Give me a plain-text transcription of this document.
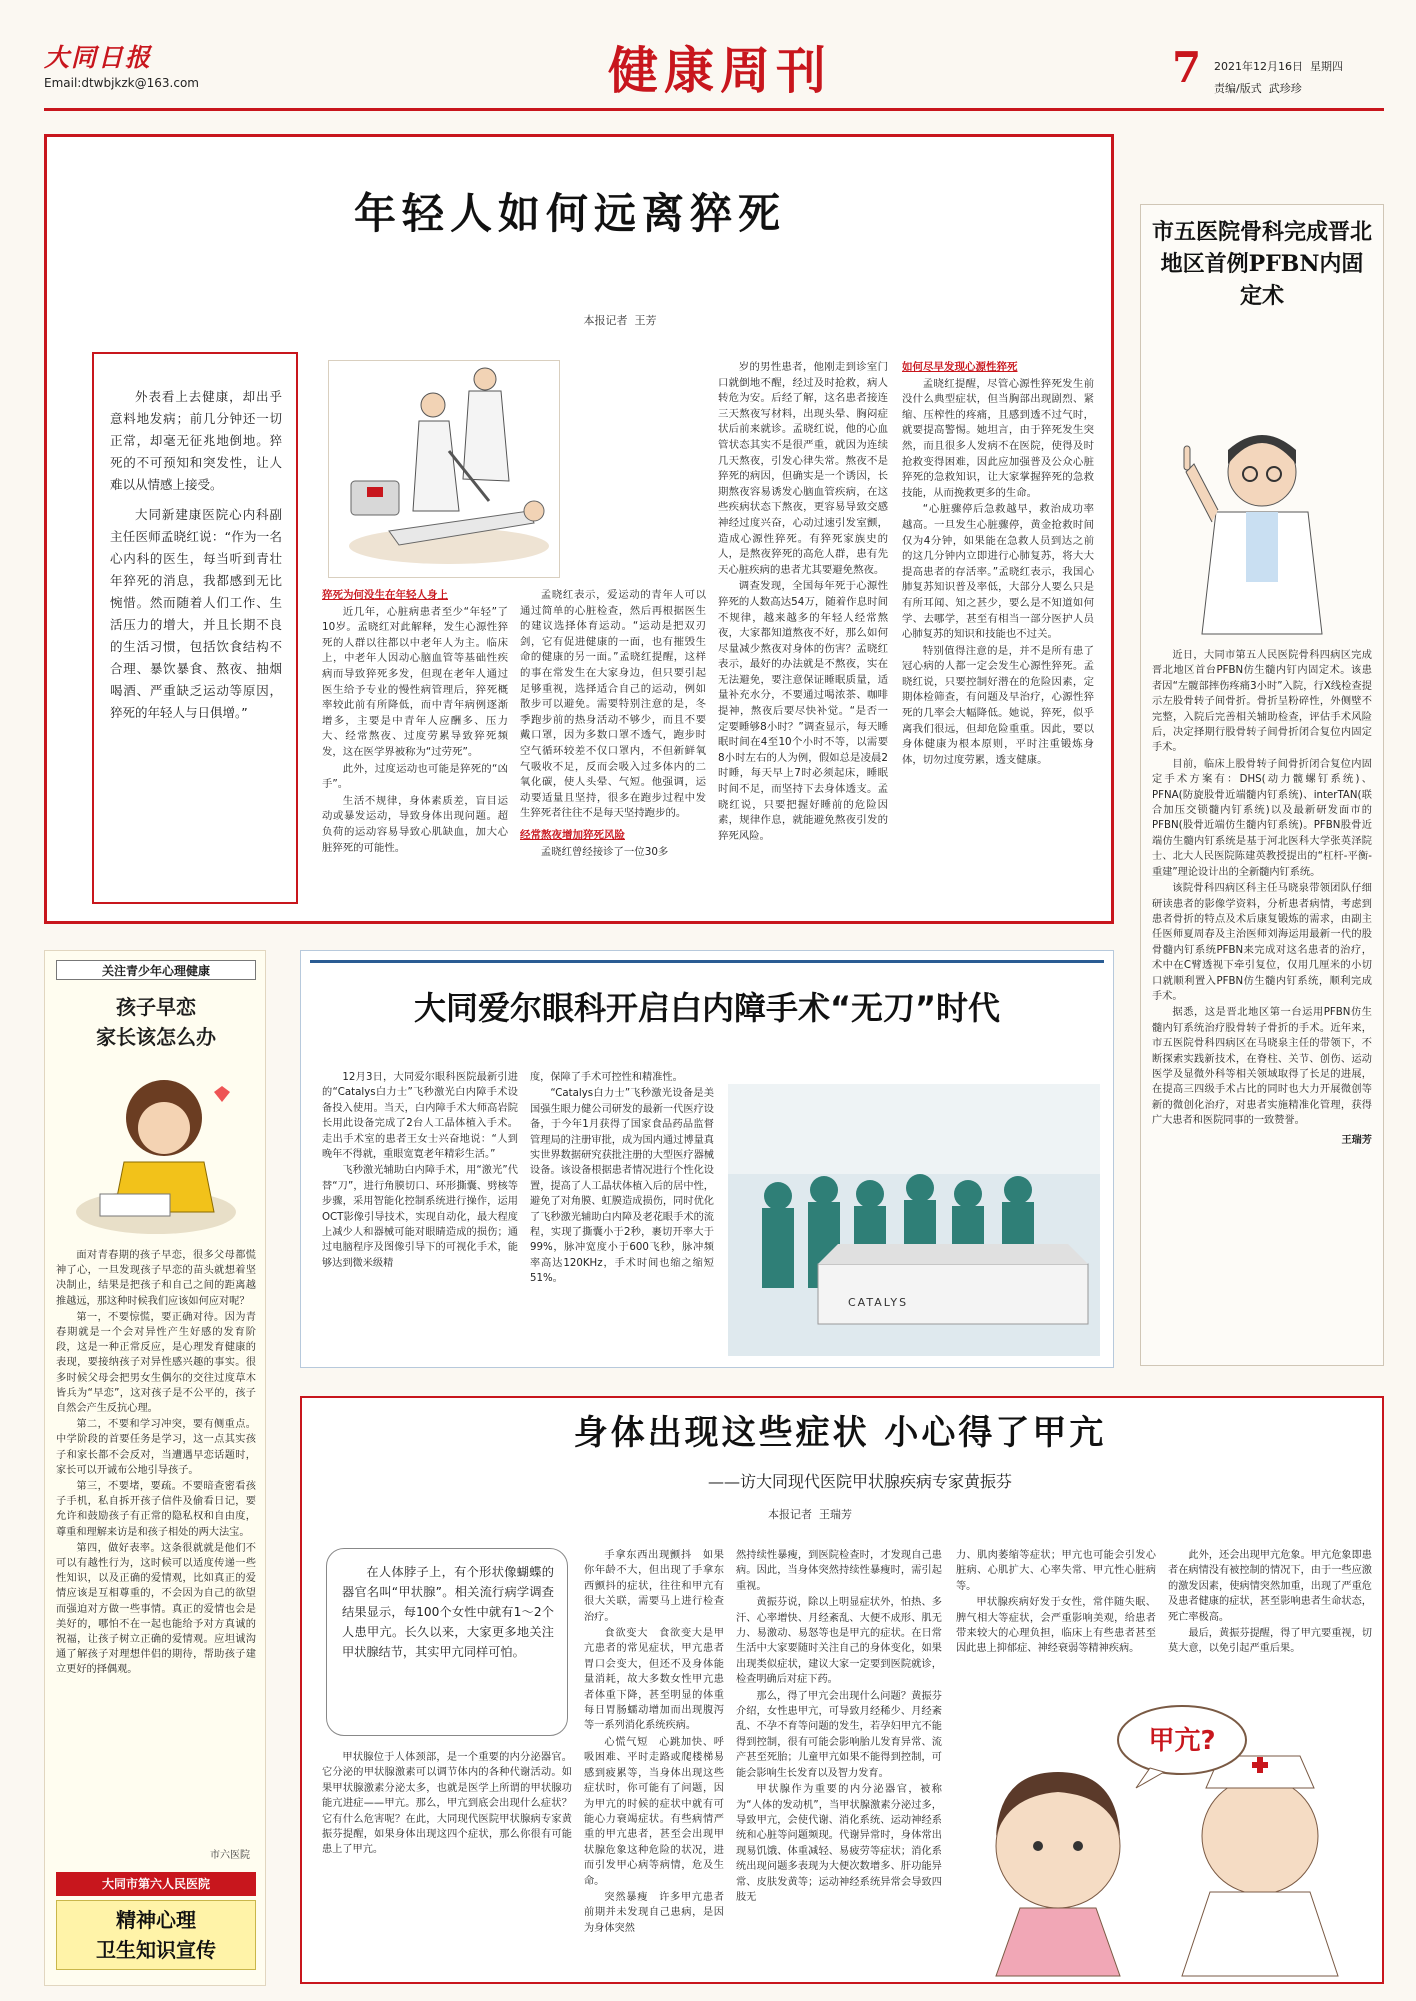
大同日报
Email:dtwbjkzk@163.com	健康周刊	7	2021年12月16日 星期四
责编/版式 武珍珍
年轻人如何远离猝死
本报记者 王芳

外表看上去健康，却出乎意料地发病；前几分钟还一切正常，却毫无征兆地倒地。猝死的不可预知和突发性，让人难以从情感上接受。

大同新建康医院心内科副主任医师孟晓红说：“作为一名心内科的医生，每当听到青壮年猝死的消息，我都感到无比惋惜。然而随着人们工作、生活压力的增大，并且长期不良的生活习惯，包括饮食结构不合理、暴饮暴食、熬夜、抽烟喝酒、严重缺乏运动等原因，猝死的年轻人与日俱增。”

猝死为何没生在年轻人身上

近几年，心脏病患者至少“年轻”了10岁。孟晓红对此解释，发生心源性猝死的人群以往都以中老年人为主。临床上，中老年人因动心脑血管等基础性疾病而导致猝死多发，但现在老年人通过医生给予专业的慢性病管理后，猝死概率较此前有所降低，而中青年病例逐渐增多，主要是中青年人应酬多、压力大、经常熬夜、过度劳累导致猝死频发，这在医学界被称为“过劳死”。

此外，过度运动也可能是猝死的“凶手”。

生活不规律，身体素质差，盲目运动或暴发运动，导致身体出现问题。超负荷的运动容易导致心肌缺血，加大心脏猝死的可能性。

孟晓红表示，爱运动的青年人可以通过简单的心脏检查，然后再根据医生的建议选择体育运动。“运动是把双刃剑，它有促进健康的一面，也有摧毁生命的健康的另一面。”孟晓红提醒，这样的事在常发生在大家身边，但只要引起足够重视，选择适合自己的运动，例如散步可以避免。需要特别注意的是，冬季跑步前的热身活动不够少，而且不要戴口罩，因为多数口罩不透气，跑步时空气循环较差不仅口罩内，不但新鲜氧气吸收不足，反而会吸入过多体内的二氧化碳，使人头晕、气短。他强调，运动要适量且坚持，很多在跑步过程中发生猝死者往往不是每天坚持跑步的。

经常熬夜增加猝死风险

孟晓红曾经接诊了一位30多

岁的男性患者，他刚走到诊室门口就倒地不醒，经过及时抢救，病人转危为安。后经了解，这名患者接连三天熬夜写材料，出现头晕、胸闷症状后前来就诊。孟晓红说，他的心血管状态其实不是很严重，就因为连续几天熬夜，引发心律失常。熬夜不是猝死的病因，但确实是一个诱因，长期熬夜容易诱发心脑血管疾病，在这些疾病状态下熬夜，更容易导致交感神经过度兴奋，心动过速引发室颤，造成心源性猝死。有猝死家族史的人，是熬夜猝死的高危人群，患有先天心脏疾病的患者尤其要避免熬夜。

调查发现，全国每年死于心源性猝死的人数高达54万，随着作息时间不规律，越来越多的年轻人经常熬夜，大家都知道熬夜不好，那么如何尽量减少熬夜对身体的伤害？孟晓红表示，最好的办法就是不熬夜，实在无法避免，要注意保证睡眠质量，适量补充水分，不要通过喝浓茶、咖啡提神，熬夜后要尽快补觉。“是否一定要睡够8小时？”调查显示，每天睡眠时间在4至10个小时不等，以需要8小时左右的人为例，假如总是凌晨2时睡，每天早上7时必须起床，睡眠时间不足，而坚持下去身体透支。孟晓红说，只要把握好睡前的危险因素，规律作息，就能避免熬夜引发的猝死风险。

如何尽早发现心源性猝死

孟晓红提醒，尽管心源性猝死发生前没什么典型症状，但当胸部出现剧烈、紧缩、压榨性的疼痛，且感到透不过气时，就要提高警惕。她坦言，由于猝死发生突然，而且很多人发病不在医院，使得及时抢救变得困难，因此应加强普及公众心脏猝死的急救知识，让大家掌握猝死的急救技能，从而挽救更多的生命。

“心脏骤停后急救越早，救治成功率越高。一旦发生心脏骤停，黄金抢救时间仅为4分钟，如果能在急救人员到达之前的这几分钟内立即进行心肺复苏，将大大提高患者的存活率。”孟晓红表示，我国心肺复苏知识普及率低，大部分人要么只是有所耳闻、知之甚少，要么是不知道如何学、去哪学，甚至有相当一部分医护人员心肺复苏的知识和技能也不过关。

特别值得注意的是，并不是所有患了冠心病的人都一定会发生心源性猝死。孟晓红说，只要控制好潜在的危险因素，定期体检筛查，有问题及早治疗，心源性猝死的几率会大幅降低。她说，猝死，似乎离我们很远，但却危险重重。因此，要以身体健康为根本原则，平时注重锻炼身体，切勿过度劳累，透支健康。

市五医院骨科完成晋北地区首例PFBN内固定术

近日，大同市第五人民医院骨科四病区完成晋北地区首台PFBN仿生髓内钉内固定术。该患者因“左髋部摔伤疼痛3小时”入院，行X线检查提示左股骨转子间骨折。骨折呈粉碎性，外侧壁不完整，入院后完善相关辅助检查，评估手术风险后，决定择期行股骨转子间骨折闭合复位内固定手术。

目前，临床上股骨转子间骨折闭合复位内固定手术方案有：DHS(动力髋螺钉系统)、PFNA(防旋股骨近端髓内钉系统)、interTAN(联合加压交锁髓内钉系统)以及最新研发面市的PFBN(股骨近端仿生髓内钉系统)。PFBN股骨近端仿生髓内钉系统是基于河北医科大学张英泽院士、北大人民医院陈建英教授提出的“杠杆-平衡-重建”理论设计出的全新髓内钉系统。

该院骨科四病区科主任马晓泉带领团队仔细研读患者的影像学资料，分析患者病情，考虑到患者骨折的特点及术后康复锻炼的需求，由副主任医师夏周春及主治医师刘海运用最新一代的股骨髓内钉系统PFBN来完成对这名患者的治疗，术中在C臂透视下牵引复位，仅用几厘米的小切口就顺利置入PFBN仿生髓内钉系统，顺利完成手术。

据悉，这是晋北地区第一台运用PFBN仿生髓内钉系统治疗股骨转子骨折的手术。近年来，市五医院骨科四病区在马晓泉主任的带领下，不断探索实践新技术，在脊柱、关节、创伤、运动医学及显微外科等相关领域取得了长足的进展，在提高三四级手术占比的同时也大力开展微创等新的微创化治疗，对患者实施精准化管理，获得广大患者和医院同事的一致赞誉。

王瑞芳

关注青少年心理健康
孩子早恋
家长该怎么办

面对青春期的孩子早恋，很多父母都慌神了心，一旦发现孩子早恋的苗头就想着坚决制止，结果是把孩子和自己之间的距离越推越远，那这种时候我们应该如何应对呢？

第一，不要惊慌，要正确对待。因为青春期就是一个会对异性产生好感的发育阶段，这是一种正常反应，是心理发育健康的表现，要接纳孩子对异性感兴趣的事实。很多时候父母会把男女生偶尔的交往过度草木皆兵为“早恋”，这对孩子是不公平的，孩子自然会产生反抗心理。

第二，不要和学习冲突，要有侧重点。中学阶段的首要任务是学习，这一点其实孩子和家长都不会反对，当遭遇早恋话题时，家长可以开诚布公地引导孩子。

第三，不要堵，要疏。不要暗查密看孩子手机，私自拆开孩子信件及偷看日记，要允许和鼓励孩子有正常的隐私权和自由度，尊重和理解来访是和孩子相处的两大法宝。

第四，做好表率。这条很就就是他们不可以有越性行为，这时候可以适度传递一些性知识，以及正确的爱情观，比如真正的爱情应该是互相尊重的，不会因为自己的欲望而强迫对方做一些事情。真正的爱情也会是美好的，哪怕不在一起也能给予对方真诚的祝福，让孩子树立正确的爱情观。应坦诚沟通了解孩子对理想伴侣的期待，帮助孩子建立更好的择偶观。

市六医院
大同市第六人民医院
精神心理
卫生知识宣传
大同爱尔眼科开启白内障手术“无刀”时代

12月3日，大同爱尔眼科医院最新引进的“Catalys白力士”飞秒激光白内障手术设备投入使用。当天，白内障手术大师高岩院长用此设备完成了2台人工晶体植入手术。走出手术室的患者王女士兴奋地说：“人到晚年不得就，重眼宽寛老年精彩生活。”

飞秒激光辅助白内障手术，用“激光”代替“刀”，进行角膜切口、环形撕囊、劈核等步骤，采用智能化控制系统进行操作，运用OCT影像引导技术，实现自动化，最大程度上减少人和器械可能对眼睛造成的损伤；通过电脑程序及图像引导下的可视化手术，能够达到微米级精

度，保障了手术可控性和精准性。

“Catalys白力士”飞秒激光设备是美国强生眼力健公司研发的最新一代医疗设备，于今年1月获得了国家食品药品监督管理局的注册审批，成为国内通过博量真实世界数据研究获批注册的大型医疗器械设备。该设备根据患者情况进行个性化设置，提高了人工晶状体植入后的居中性，避免了对角膜、虹膜造成损伤，同时优化了飞秒激光辅助白内障及老花眼手术的流程，实现了撕囊小于2秒，裹切开率大于99%，脉冲宽度小于600飞秒，脉冲频率高达120KHz，手术时间也缩之缩短51%。

CATALYS
身体出现这些症状 小心得了甲亢
——访大同现代医院甲状腺疾病专家黄振芬
本报记者 王瑞芳

在人体脖子上，有个形状像蝴蝶的器官名叫“甲状腺”。相关流行病学调查结果显示，每100个女性中就有1～2个人患甲亢。长久以来，大家更多地关注甲状腺结节，其实甲亢同样可怕。

甲状腺位于人体颈部，是一个重要的内分泌器官。它分泌的甲状腺激素可以调节体内的各种代谢活动。如果甲状腺激素分泌太多，也就是医学上所谓的甲状腺功能亢进症——甲亢。那么，甲亢到底会出现什么症状？它有什么危害呢？在此，大同现代医院甲状腺病专家黄振芬提醒，如果身体出现这四个症状，那么你很有可能患上了甲亢。

手拿东西出现颤抖　如果你年龄不大，但出现了手拿东西颤抖的症状，往往和甲亢有很大关联，需要马上进行检查治疗。

食欲变大　食欲变大是甲亢患者的常见症状，甲亢患者胃口会变大，但还不及身体能量消耗，故大多数女性甲亢患者体重下降，甚至明显的体重每日胃肠蠕动增加而出现腹泻等一系列消化系统疾病。

心慌气短　心跳加快、呼吸困难、平时走路或爬楼梯易感到疲累等，当身体出现这些症状时，你可能有了问题，因为甲亢的时候的症状中就有可能心力衰竭症状。有些病情严重的甲亢患者，甚至会出现甲状腺危象这种危险的状况，进而引发甲心病等病情，危及生命。

突然暴瘦　许多甲亢患者前期并未发现自己患病，是因为身体突然

然持续性暴瘦，到医院检查时，才发现自己患病。因此，当身体突然持续性暴瘦时，需引起重视。

黄振芬说，除以上明显症状外，怕热、多汗、心率增快、月经紊乱、大便不成形、肌无力、易激动、易怒等也是甲亢的症状。在日常生活中大家要随时关注自己的身体变化，如果出现类似症状，建议大家一定要到医院就诊，检查明确后对症下药。

那么，得了甲亢会出现什么问题？黄振芬介绍，女性患甲亢，可导致月经稀少、月经紊乱、不孕不育等问题的发生，若孕妇甲亢不能得到控制，很有可能会影响胎儿发育异常、流产甚至死胎；儿童甲亢如果不能得到控制，可能会影响生长发育以及智力发育。

甲状腺作为重要的内分泌器官，被称为“人体的发动机”，当甲状腺激素分泌过多，导致甲亢，会使代谢、消化系统、运动神经系统和心脏等问题频现。代谢异常时，身体常出现易饥饿、体重减轻、易疲劳等症状；消化系统出现问题多表现为大便次数增多、肝功能异常、皮肤发黄等；运动神经系统异常会导致四肢无

力、肌肉萎缩等症状；甲亢也可能会引发心脏病、心肌扩大、心率失常、甲亢性心脏病等。

甲状腺疾病好发于女性，常伴随失眠、脾气相大等症状，会严重影响美观，给患者带来较大的心理负担，临床上有些患者甚至因此患上抑郁症、神经衰弱等精神疾病。

此外，还会出现甲亢危象。甲亢危象即患者在病情没有被控制的情况下，由于一些应激的激发因素，使病情突然加重，出现了严重危及患者健康的症状，甚至影响患者生命状态，死亡率极高。

最后，黄振芬提醒，得了甲亢要重视，切莫大意，以免引起严重后果。

甲亢?
